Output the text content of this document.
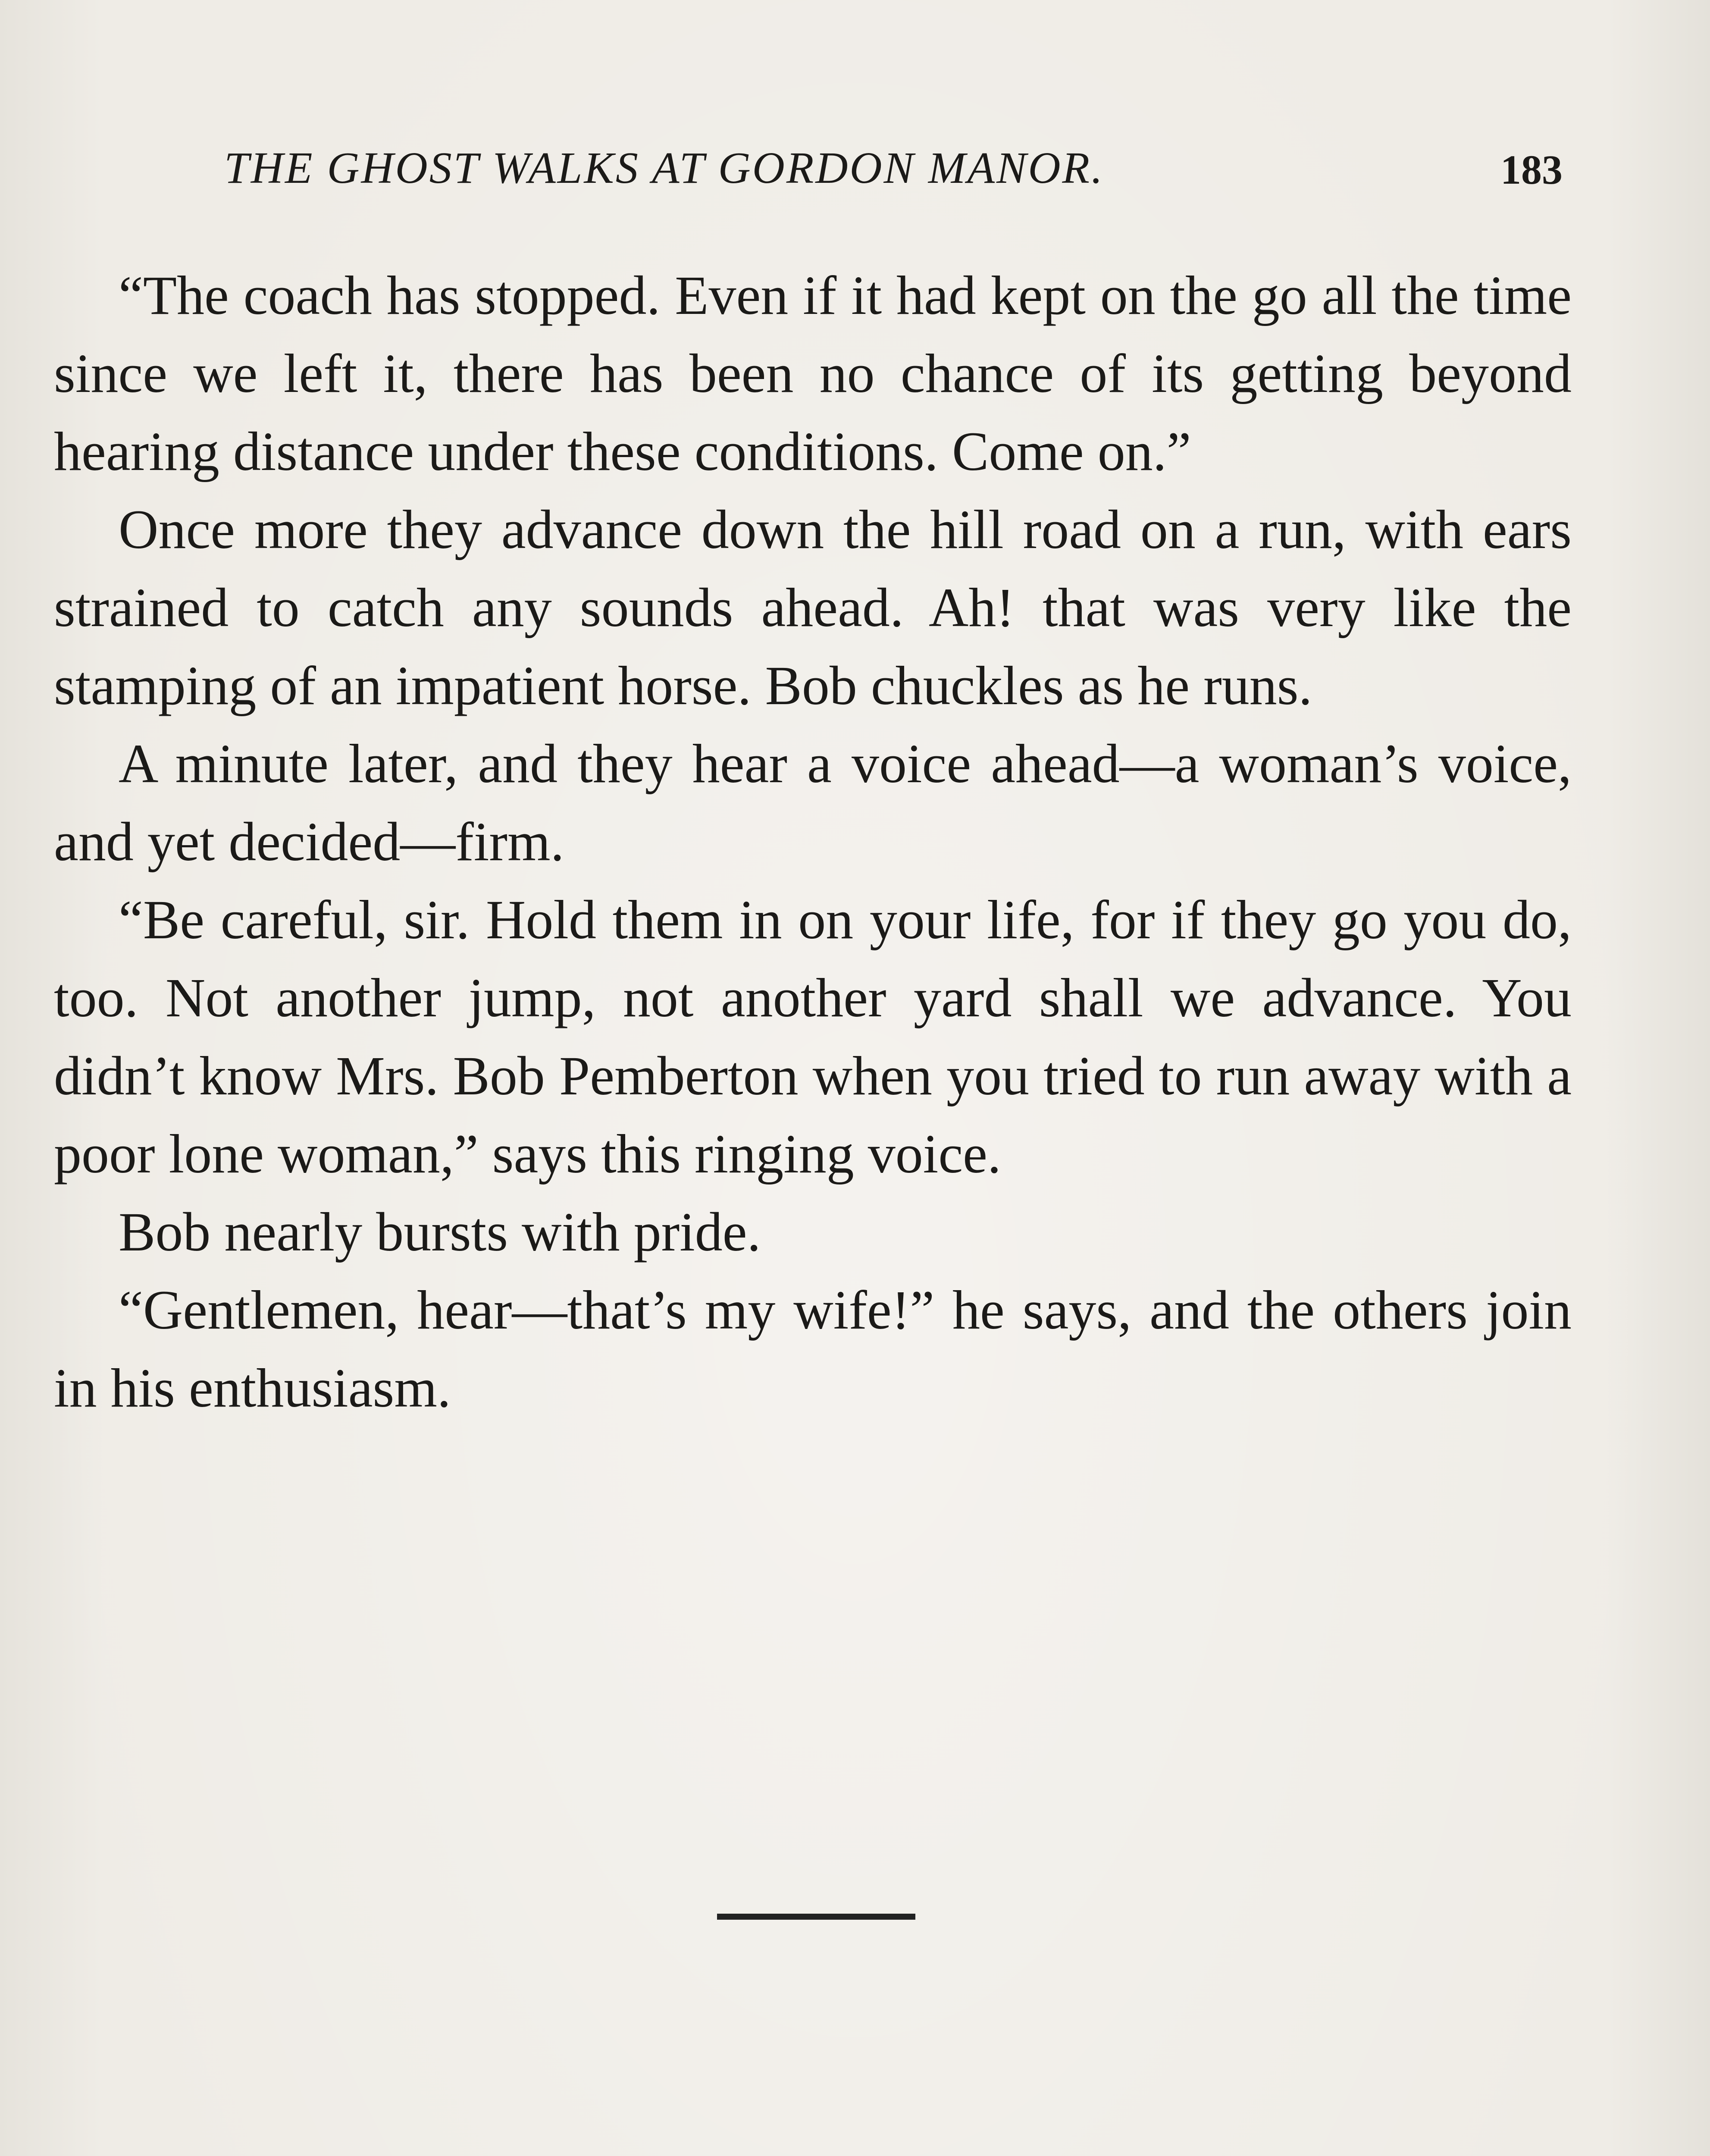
THE GHOST WALKS AT GORDON MANOR.	183

“The coach has stopped. Even if it had kept on the go all the time since we left it, there has been no chance of its getting beyond hearing distance under these conditions. Come on.”

Once more they advance down the hill road on a run, with ears strained to catch any sounds ahead. Ah! that was very like the stamping of an impatient horse. Bob chuckles as he runs.

A minute later, and they hear a voice ahead—a woman’s voice, and yet decided—firm.

“Be careful, sir. Hold them in on your life, for if they go you do, too. Not another jump, not another yard shall we advance. You didn’t know Mrs. Bob Pemberton when you tried to run away with a poor lone woman,” says this ringing voice.

Bob nearly bursts with pride.

“Gentlemen, hear—that’s my wife!” he says, and the others join in his enthusiasm.
